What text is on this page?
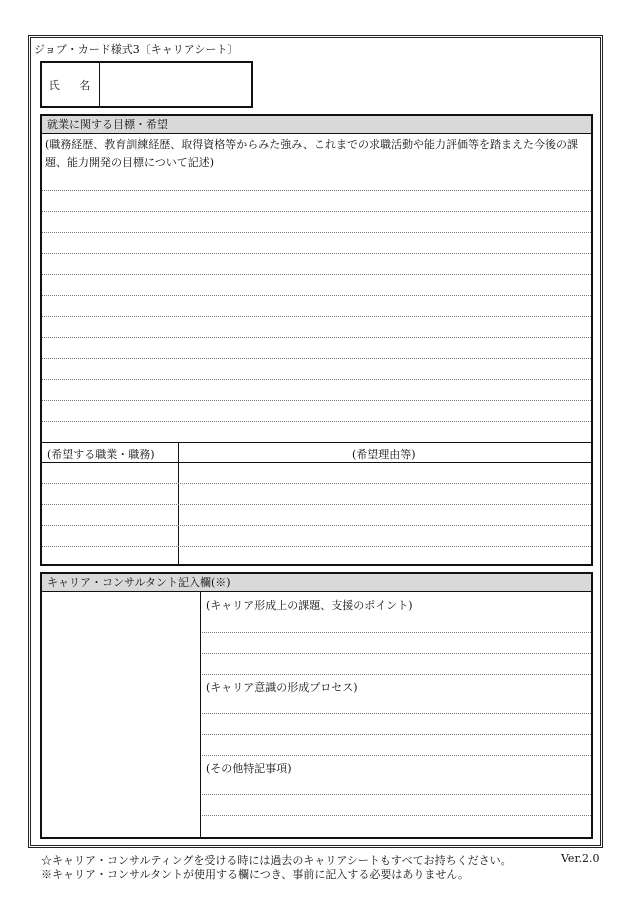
ジョブ・カード様式3〔キャリアシート〕
氏 名
就業に関する目標・希望
(職務経歴、教育訓練経歴、取得資格等からみた強み、これまでの求職活動や能力評価等を踏まえた今後の課題、能力開発の目標について記述)
(希望する職業・職務)	(希望理由等)
キャリア・コンサルタント記入欄(※)
(キャリア形成上の課題、支援のポイント)
(キャリア意識の形成プロセス)
(その他特記事項)
☆キャリア・コンサルティングを受ける時には過去のキャリアシートもすべてお持ちください。	Ver.2.0
※キャリア・コンサルタントが使用する欄につき、事前に記入する必要はありません。
